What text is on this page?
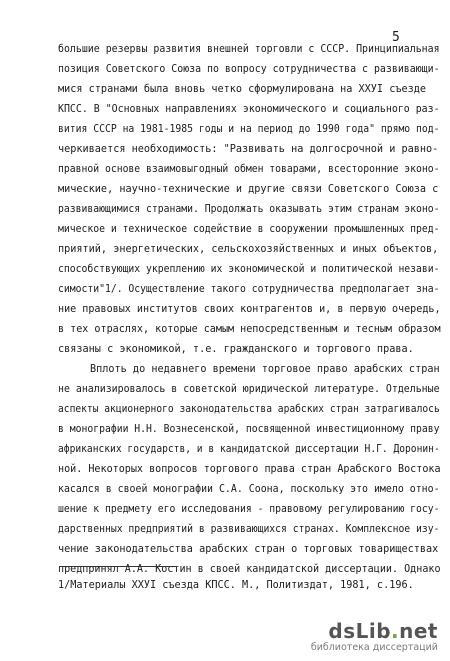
5
большие резервы развития внешней торговли с СССР. Принципиальная
позиция Советского Союза по вопросу сотрудничества с развивающи-
мися странами была вновь четко сформулирована на XXУI съезде
КПСС. В "Основных направлениях экономического и социального раз-
вития СССР на 1981-1985 годы и на период до 1990 года" прямо под-
черкивается необходимость: "Развивать на долгосрочной и равно-
правной основе взаимовыгодный обмен товарами, всесторонние эконо-
мические, научно-технические и другие связи Советского Союза с
развивающимися странами. Продолжать оказывать этим странам эконо-
мическое и техническое содействие в сооружении промышленных пред-
приятий, энергетических, сельскохозяйственных и иных объектов,
способствующих укреплению их экономической и политической незави-
симости"1/. Осуществление такого сотрудничества предполагает зна-
ние правовых институтов своих контрагентов и, в первую очередь,
в тех отраслях, которые самым непосредственным и тесным образом
связаны с экономикой, т.е. гражданского и торгового права.
Вплоть до недавнего времени торговое право арабских стран
не анализировалось в советской юридической литературе. Отдельные
аспекты акционерного законодательства арабских стран затрагивалось
в монографии Н.Н. Вознесенской, посвященной инвестиционному праву
африканских государств, и в кандидатской диссертации Н.Г. Доронин-
ной. Некоторых вопросов торгового права стран Арабского Востока
касался в своей монографии С.А. Соона, поскольку это имело отно-
шение к предмету его исследования - правовому регулированию госу-
дарственных предприятий в развивающихся странах. Комплексное изу-
чение законодательства арабских стран о торговых товариществах
предпринял А.А. Костин в своей кандидатской диссертации. Однако
1/Материалы XXУI съезда КПСС. М., Политиздат, 1981, с.196.
dsLib.net
библиотека диссертаций
